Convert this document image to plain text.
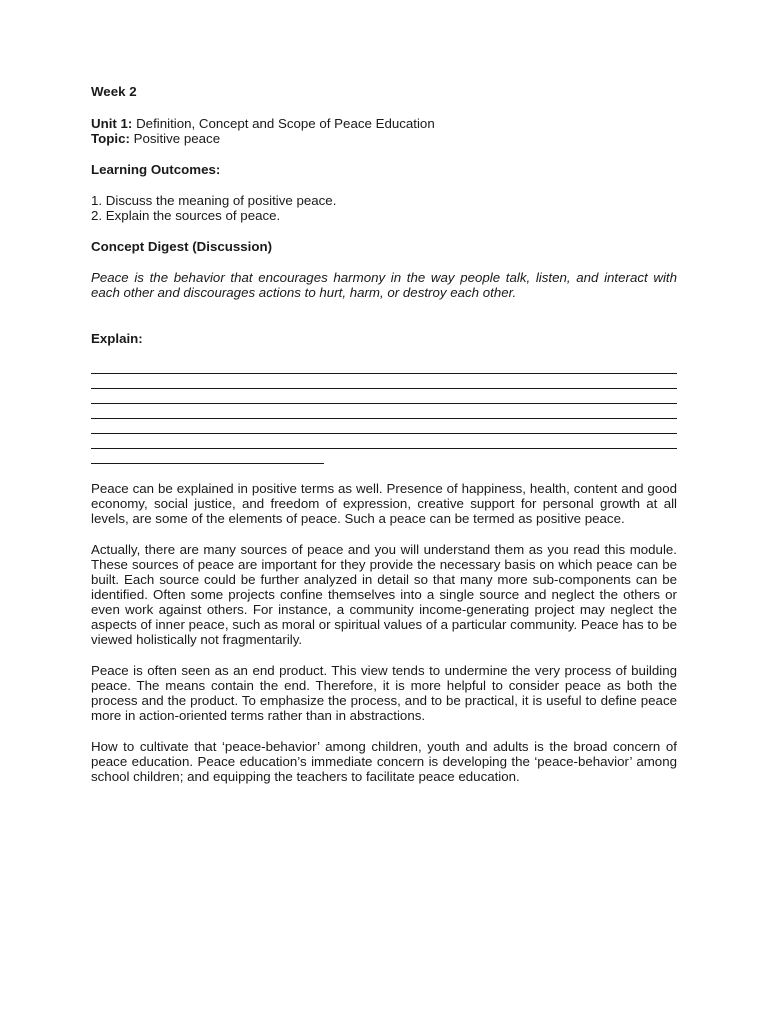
Week 2
Unit 1: Definition, Concept and Scope of Peace Education
Topic: Positive peace
Learning Outcomes:
1. Discuss the meaning of positive peace.
2. Explain the sources of peace.
Concept Digest (Discussion)
Peace is the behavior that encourages harmony in the way people talk, listen, and interact with each other and discourages actions to hurt, harm, or destroy each other.
Explain:

Peace can be explained in positive terms as well. Presence of happiness, health, content and good economy, social justice, and freedom of expression, creative support for personal growth at all levels, are some of the elements of peace. Such a peace can be termed as positive peace.

Actually, there are many sources of peace and you will understand them as you read this module. These sources of peace are important for they provide the necessary basis on which peace can be built. Each source could be further analyzed in detail so that many more sub-components can be identified. Often some projects confine themselves into a single source and neglect the others or even work against others. For instance, a community income-generating project may neglect the aspects of inner peace, such as moral or spiritual values of a particular community. Peace has to be viewed holistically not fragmentarily.

Peace is often seen as an end product. This view tends to undermine the very process of building peace. The means contain the end. Therefore, it is more helpful to consider peace as both the process and the product. To emphasize the process, and to be practical, it is useful to define peace more in action-oriented terms rather than in abstractions.

How to cultivate that ‘peace-behavior’ among children, youth and adults is the broad concern of peace education. Peace education’s immediate concern is developing the ‘peace-behavior’ among school children; and equipping the teachers to facilitate peace education.
